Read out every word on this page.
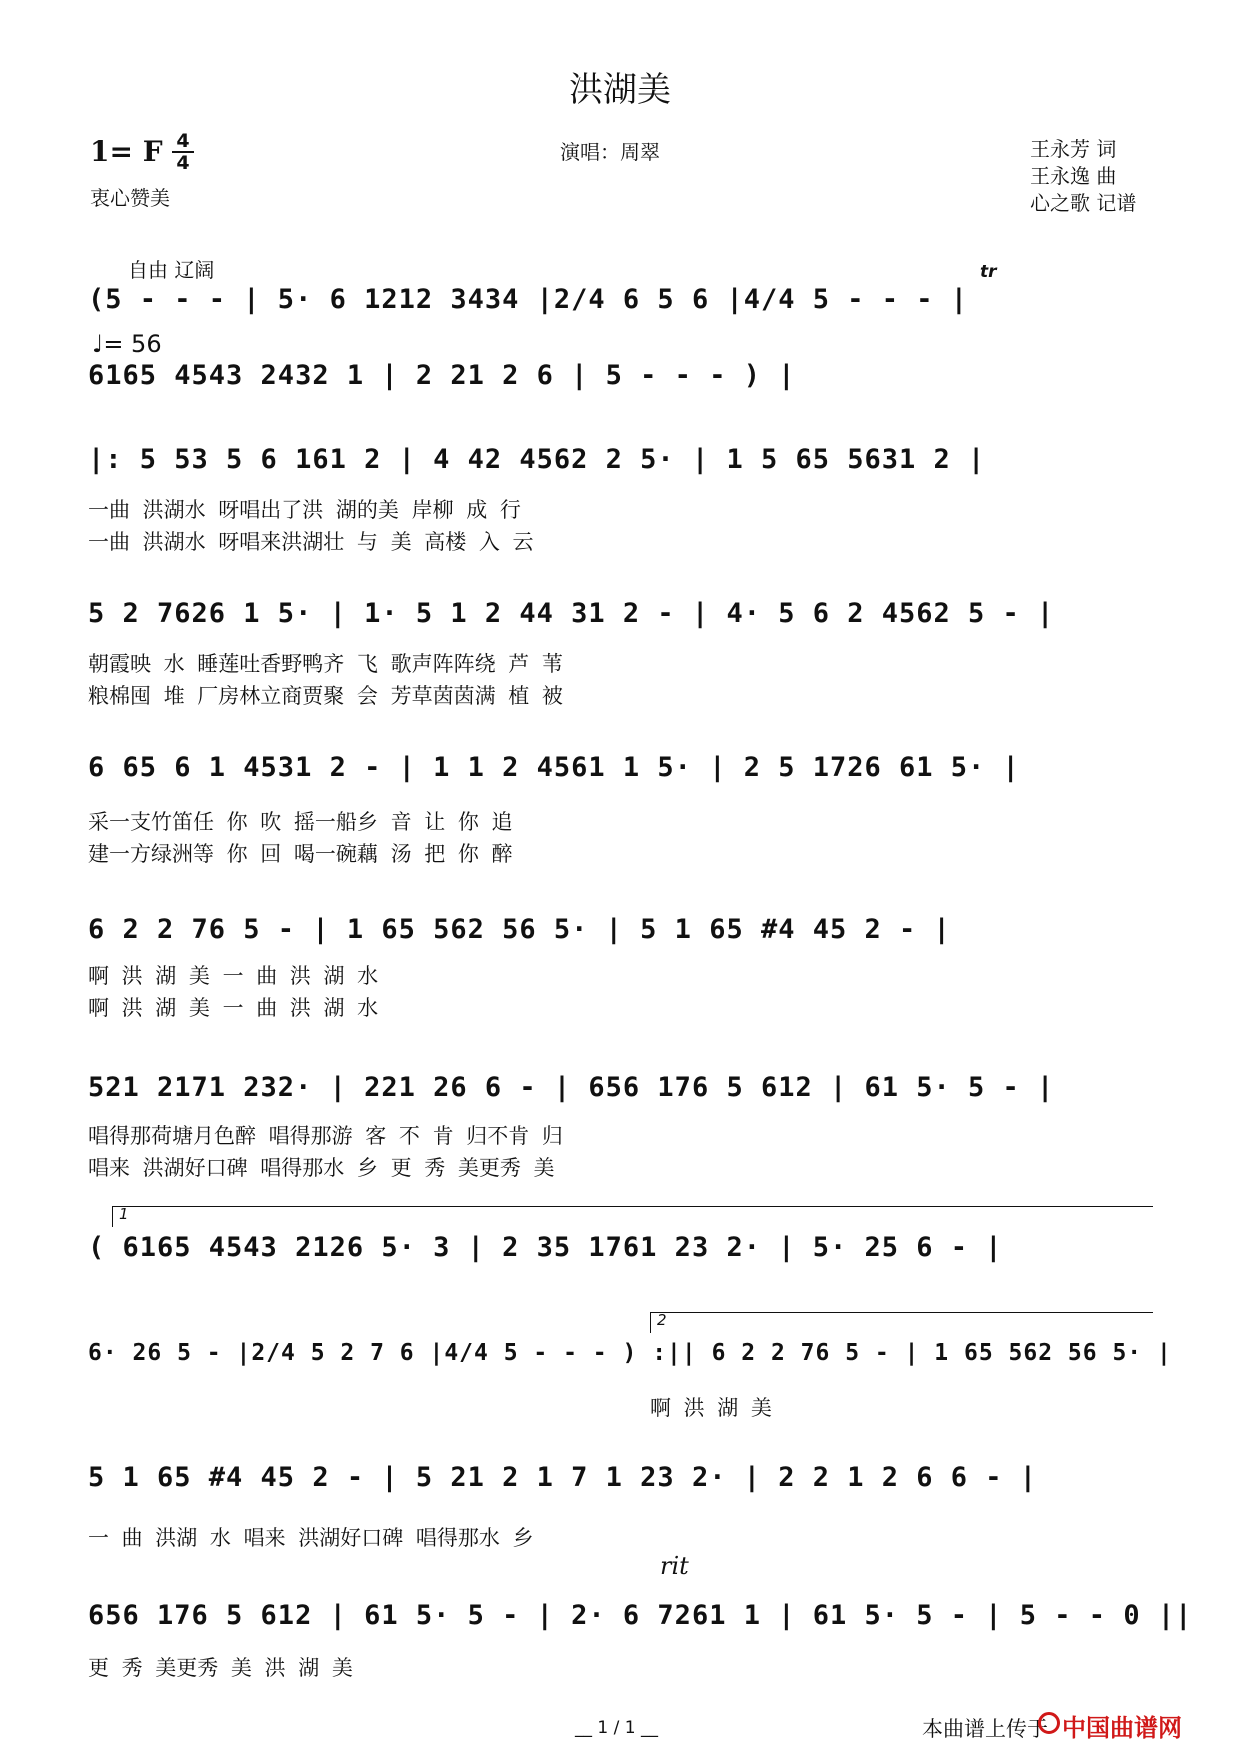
洪湖美
1= F 4
4
衷心赞美
演唱：周翠	王永芳 词
王永逸 曲
心之歌 记谱
自由 辽阔	tr
(5 - - - | 5· 6 1212 3434 |2/4 6 5 6 |4/4 5 - - - |
♩= 56
6165 4543 2432 1 | 2 21 2 6 | 5 - - - ) |
|: 5 53 5 6 161 2 | 4 42 4562 2 5· | 1 5 65 5631 2 |
一曲 洪湖水 呀唱出了洪 湖的美 岸柳 成 行
一曲 洪湖水 呀唱来洪湖壮 与 美 高楼 入 云
5 2 7626 1 5· | 1· 5 1 2 44 31 2 - | 4· 5 6 2 4562 5 - |
朝霞映 水 睡莲吐香野鸭齐 飞 歌声阵阵绕 芦 苇
粮棉囤 堆 厂房林立商贾聚 会 芳草茵茵满 植 被
6 65 6 1 4531 2 - | 1 1 2 4561 1 5· | 2 5 1726 61 5· |
采一支竹笛任 你 吹 摇一船乡 音 让 你 追
建一方绿洲等 你 回 喝一碗藕 汤 把 你 醉
6 2 2 76 5 - | 1 65 562 56 5· | 5 1 65 #4 45 2 - |
啊 洪 湖 美 一 曲 洪 湖 水
啊 洪 湖 美 一 曲 洪 湖 水
521 2171 232· | 221 26 6 - | 656 176 5 612 | 61 5· 5 - |
唱得那荷塘月色醉 唱得那游 客 不 肯 归不肯 归
唱来 洪湖好口碑 唱得那水 乡 更 秀 美更秀 美
1
( 6165 4543 2126 5· 3 | 2 35 1761 23 2· | 5· 25 6 - |
2
6· 26 5 - |2/4 5 2 7 6 |4/4 5 - - - ) :|| 6 2 2 76 5 - | 1 65 562 56 5· |
啊 洪 湖 美
5 1 65 #4 45 2 - | 5 21 2 1 7 1 23 2· | 2 2 1 2 6 6 - |
一 曲 洪湖 水 唱来 洪湖好口碑 唱得那水 乡
rit
656 176 5 612 | 61 5· 5 - | 2· 6 7261 1 | 61 5· 5 - | 5 - - 0 ||
更 秀 美更秀 美 洪 湖 美
__ 1 / 1 __	本曲谱上传于 中国曲谱网
